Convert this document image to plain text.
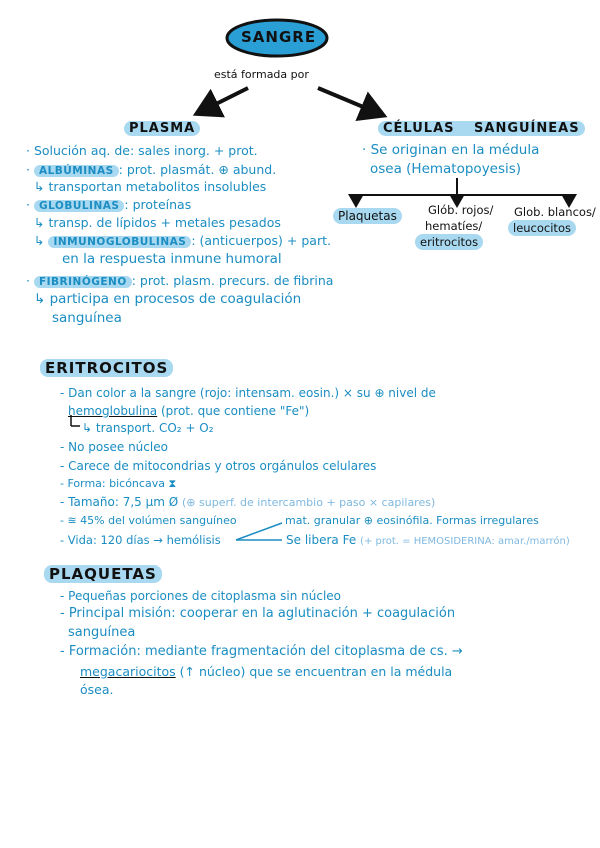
SANGRE
está formada por
PLASMA
· Solución aq. de: sales inorg. + prot.
· ALBÚMINAS : prot. plasmát. ⊕ abund.
↳ transportan metabolitos insolubles
· GLOBULINAS : proteínas
↳ transp. de lípidos + metales pesados
↳ INMUNOGLOBULINAS : (anticuerpos) + part.
en la respuesta inmune humoral
· FIBRINÓGENO : prot. plasm. precurs. de fibrina
↳ participa en procesos de coagulación
sanguínea
CÉLULAS SANGUÍNEAS
· Se originan en la médula
osea (Hematopoyesis)
Plaquetas	Glób. rojos/
hematíes/
eritrocitos
Glob. blancos/
leucocitos
ERITROCITOS
- Dan color a la sangre (rojo: intensam. eosin.) × su ⊕ nivel de
hemoglobulina (prot. que contiene "Fe")
↳ transport. CO₂ + O₂
- No posee núcleo
- Carece de mitocondrias y otros orgánulos celulares
- Forma: bicóncava ⧗
- Tamaño: 7,5 µm Ø (⊕ superf. de intercambio + paso × capilares)
- ≊ 45% del volúmen sanguíneo	mat. granular ⊕ eosinófila. Formas irregulares
- Vida: 120 días → hemólisis	Se libera Fe (+ prot. = HEMOSIDERINA: amar./marrón)
PLAQUETAS
- Pequeñas porciones de citoplasma sin núcleo
- Principal misión: cooperar en la aglutinación + coagulación
sanguínea
- Formación: mediante fragmentación del citoplasma de cs. →
megacariocitos (↑ núcleo) que se encuentran en la médula
ósea.
